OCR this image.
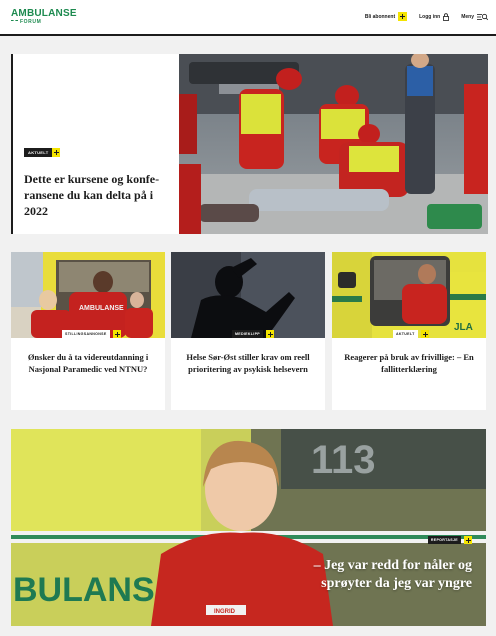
AMBULANSE
FORUM
Bli abonnent	Logg inn	Meny
AKTUELT
Dette er kursene og konferansene du kan delta på i 2022
AMBULANSE
STILLINGSANNONSE
Ønsker du å ta videreutdanning i Nasjonal Paramedic ved NTNU?
MEDIEKLIPP
Helse Sør-Øst stiller krav om reell prioritering av psykisk helsevern
JLA
AKTUELT
Reagerer på bruk av frivillige: – En fallitterklæring
113
BULANS
INGRID
REPORTASJE
– Jeg var redd for nåler og sprøyter da jeg var yngre
